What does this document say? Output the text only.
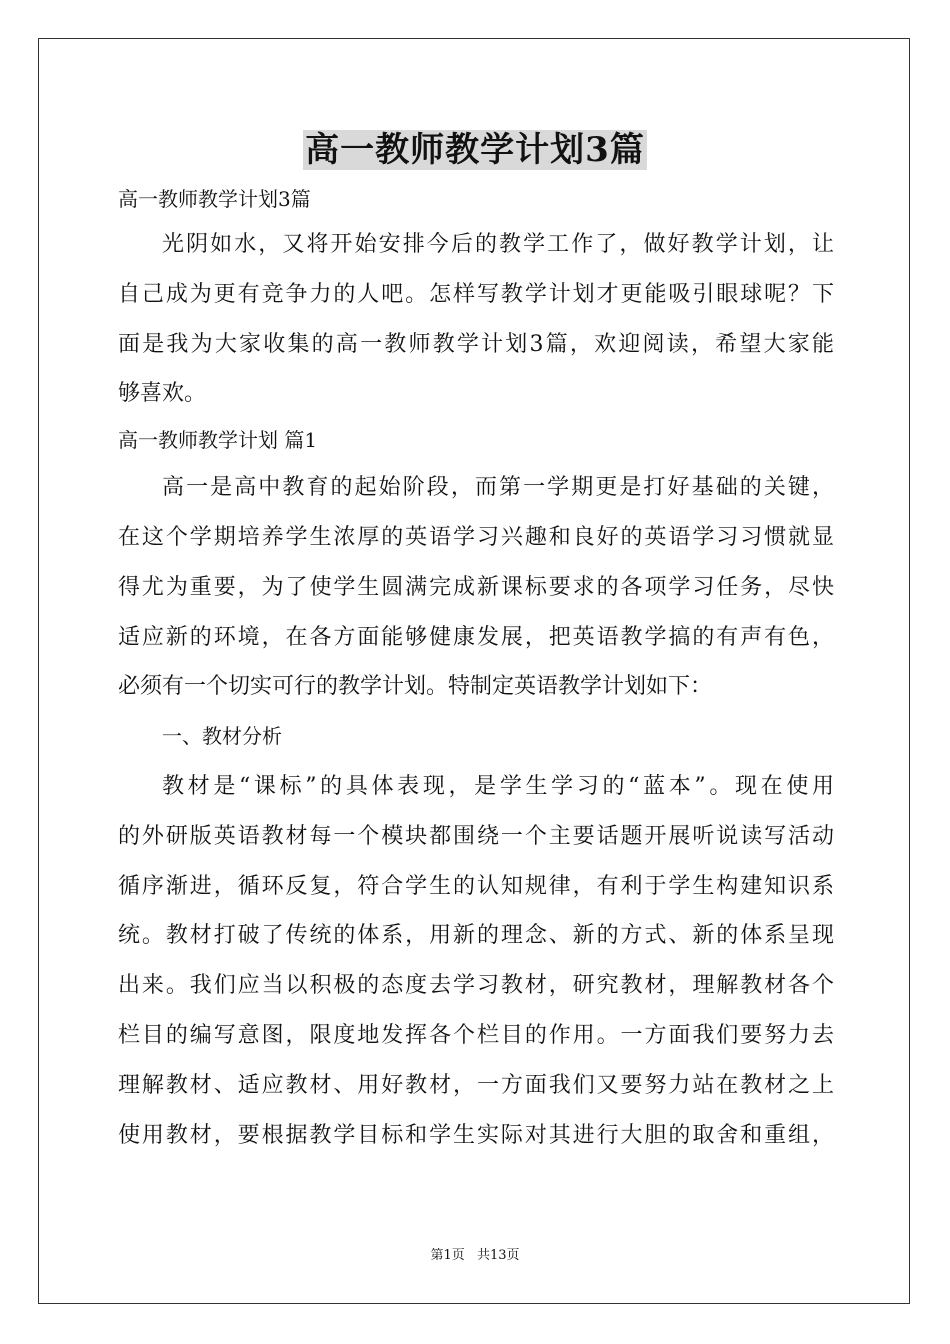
高一教师教学计划3篇
高一教师教学计划3篇
光阴如水，又将开始安排今后的教学工作了，做好教学计划，让
自己成为更有竞争力的人吧。怎样写教学计划才更能吸引眼球呢？下
面是我为大家收集的高一教师教学计划3篇，欢迎阅读，希望大家能
够喜欢。
高一教师教学计划 篇1
高一是高中教育的起始阶段，而第一学期更是打好基础的关键，
在这个学期培养学生浓厚的英语学习兴趣和良好的英语学习习惯就显
得尤为重要，为了使学生圆满完成新课标要求的各项学习任务，尽快
适应新的环境，在各方面能够健康发展，把英语教学搞的有声有色，
必须有一个切实可行的教学计划。特制定英语教学计划如下：
一、教材分析
教材是“课标”的具体表现，是学生学习的“蓝本”。现在使用
的外研版英语教材每一个模块都围绕一个主要话题开展听说读写活动
循序渐进，循环反复，符合学生的认知规律，有利于学生构建知识系
统。教材打破了传统的体系，用新的理念、新的方式、新的体系呈现
出来。我们应当以积极的态度去学习教材，研究教材，理解教材各个
栏目的编写意图，限度地发挥各个栏目的作用。一方面我们要努力去
理解教材、适应教材、用好教材，一方面我们又要努力站在教材之上
使用教材，要根据教学目标和学生实际对其进行大胆的取舍和重组，
第1页 共13页
